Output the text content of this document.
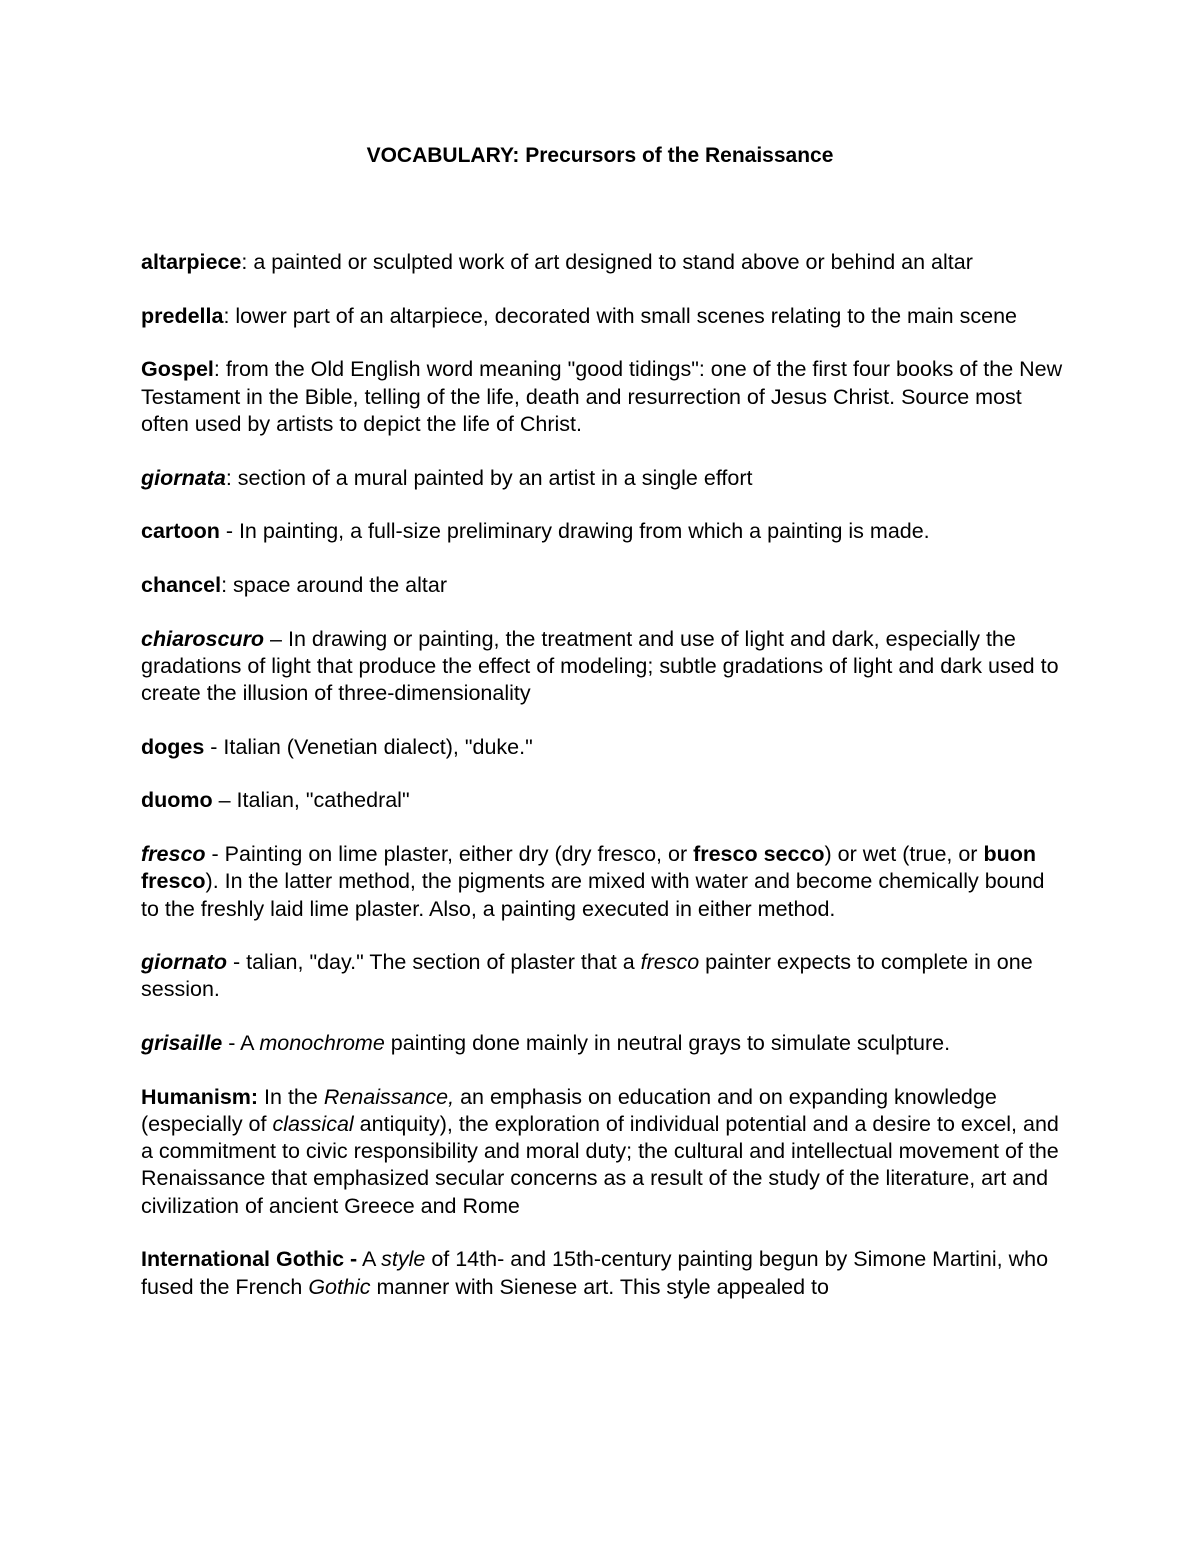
VOCABULARY: Precursors of the Renaissance

altarpiece: a painted or sculpted work of art designed to stand above or behind an altar

predella: lower part of an altarpiece, decorated with small scenes relating to the main scene

Gospel: from the Old English word meaning "good tidings": one of the first four books of the New Testament in the Bible, telling of the life, death and resurrection of Jesus Christ. Source most often used by artists to depict the life of Christ.

giornata: section of a mural painted by an artist in a single effort

cartoon - In painting, a full-size preliminary drawing from which a painting is made.

chancel: space around the altar

chiaroscuro – In drawing or painting, the treatment and use of light and dark, especially the gradations of light that produce the effect of modeling; subtle gradations of light and dark used to create the illusion of three-dimensionality

doges - Italian (Venetian dialect), "duke."

duomo – Italian, "cathedral"

fresco - Painting on lime plaster, either dry (dry fresco, or fresco secco) or wet (true, or buon fresco). In the latter method, the pigments are mixed with water and become chemically bound to the freshly laid lime plaster. Also, a painting executed in either method.

giornato - talian, "day." The section of plaster that a fresco painter expects to complete in one session.

grisaille - A monochrome painting done mainly in neutral grays to simulate sculpture.

Humanism: In the Renaissance, an emphasis on education and on expanding knowledge (especially of classical antiquity), the exploration of individual potential and a desire to excel, and a commitment to civic responsibility and moral duty; the cultural and intellectual movement of the Renaissance that emphasized secular concerns as a result of the study of the literature, art and civilization of ancient Greece and Rome

International Gothic - A style of 14th- and 15th-century painting begun by Simone Martini, who fused the French Gothic manner with Sienese art. This style appealed to
